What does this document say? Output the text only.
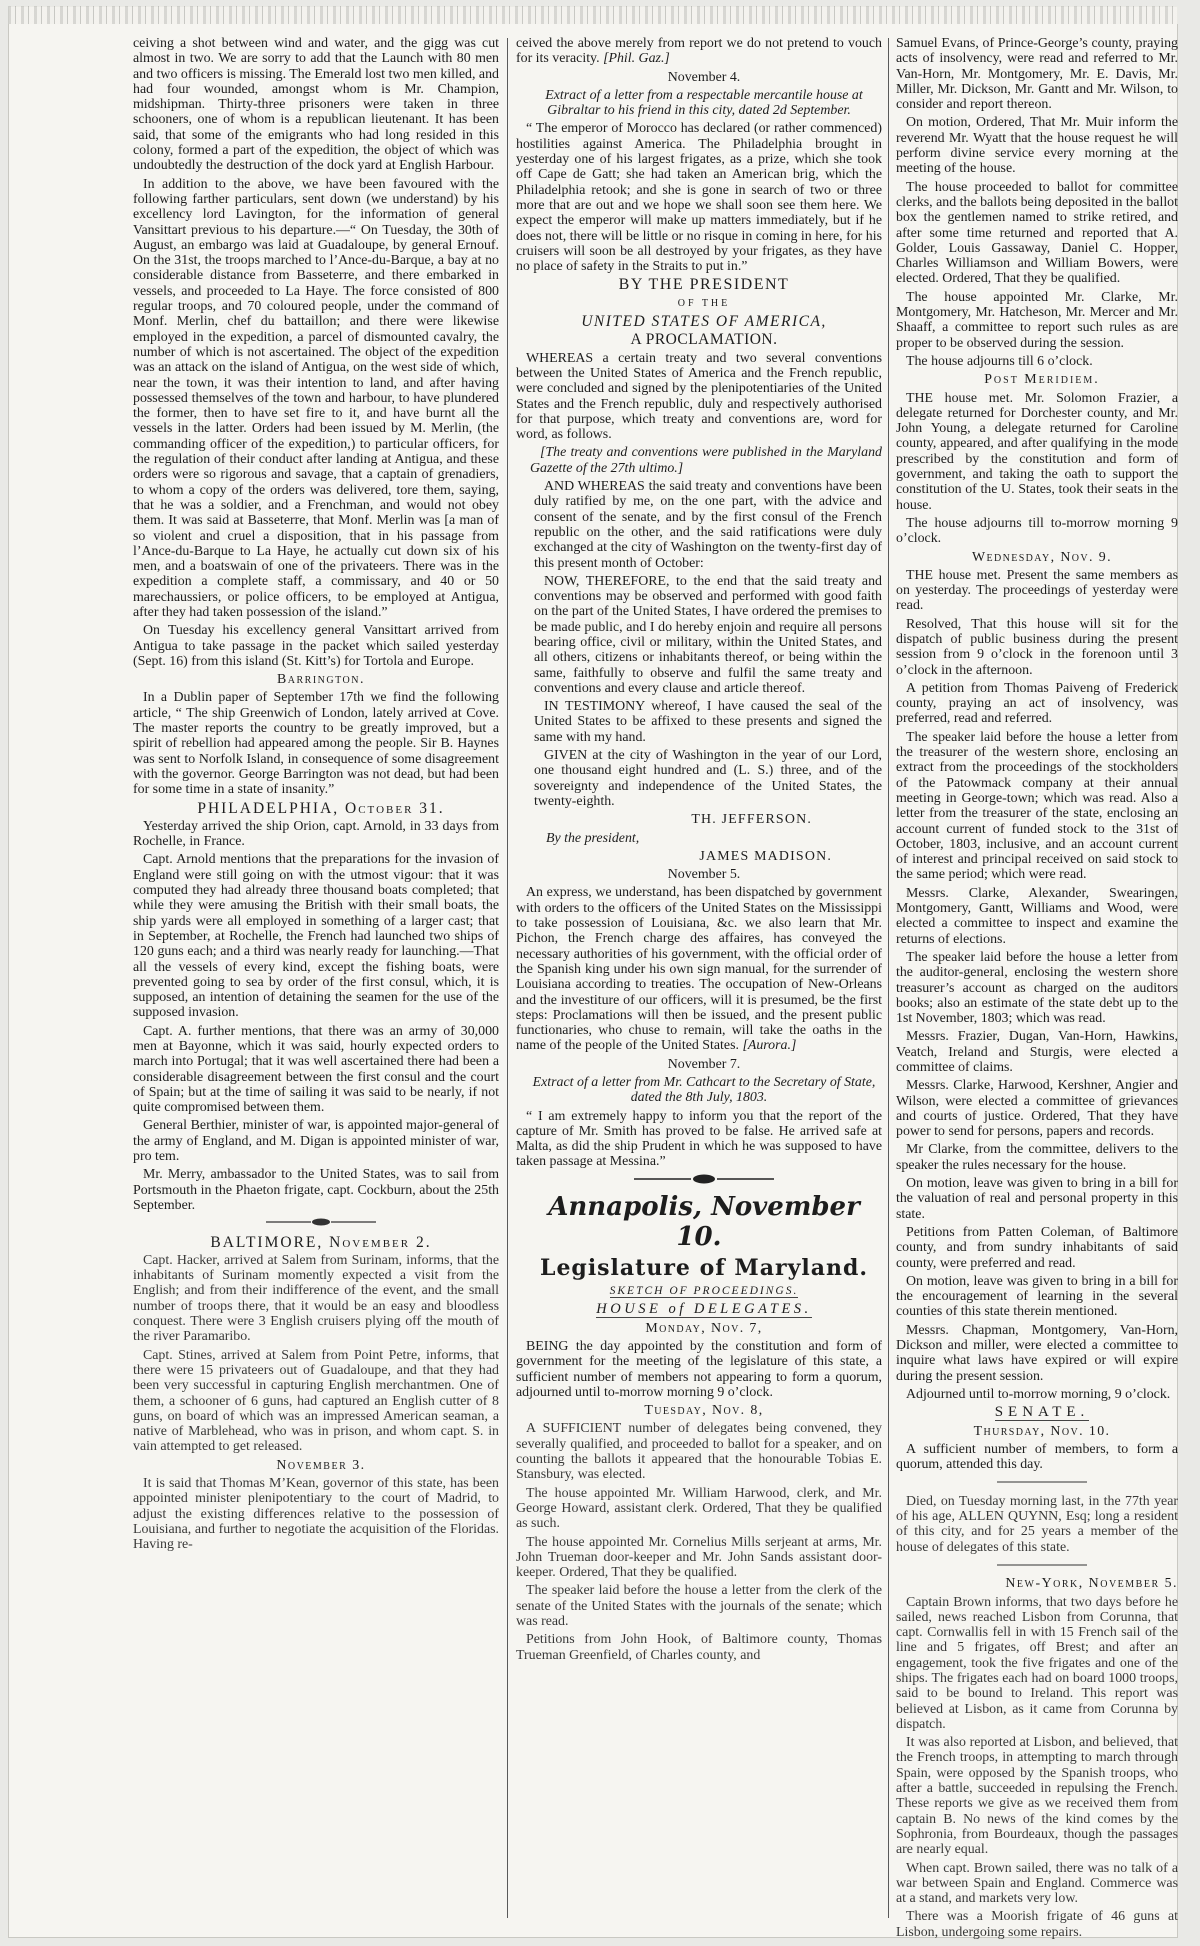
ceiving a shot between wind and water, and the gigg was cut almost in two. We are sorry to add that the Launch with 80 men and two officers is missing. The Emerald lost two men killed, and had four wounded, amongst whom is Mr. Champion, midshipman. Thirty-three prisoners were taken in three schooners, one of whom is a republican lieutenant. It has been said, that some of the emigrants who had long resided in this colony, formed a part of the expedition, the object of which was undoubtedly the destruction of the dock yard at English Harbour.

In addition to the above, we have been favoured with the following farther particulars, sent down (we understand) by his excellency lord Lavington, for the information of general Vansittart previous to his departure.—“ On Tuesday, the 30th of August, an embargo was laid at Guadaloupe, by general Ernouf. On the 31st, the troops marched to l’Ance-du-Barque, a bay at no considerable distance from Basseterre, and there embarked in vessels, and proceeded to La Haye. The force consisted of 800 regular troops, and 70 coloured people, under the command of Monf. Merlin, chef du battaillon; and there were likewise employed in the expedition, a parcel of dismounted cavalry, the number of which is not ascertained. The object of the expedition was an attack on the island of Antigua, on the west side of which, near the town, it was their intention to land, and after having possessed themselves of the town and harbour, to have plundered the former, then to have set fire to it, and have burnt all the vessels in the latter. Orders had been issued by M. Merlin, (the commanding officer of the expedition,) to particular officers, for the regulation of their conduct after landing at Antigua, and these orders were so rigorous and savage, that a captain of grenadiers, to whom a copy of the orders was delivered, tore them, saying, that he was a soldier, and a Frenchman, and would not obey them. It was said at Basseterre, that Monf. Merlin was [a man of so violent and cruel a disposition, that in his passage from l’Ance-du-Barque to La Haye, he actually cut down six of his men, and a boatswain of one of the privateers. There was in the expedition a complete staff, a commissary, and 40 or 50 marechaussiers, or police officers, to be employed at Antigua, after they had taken possession of the island.”

On Tuesday his excellency general Vansittart arrived from Antigua to take passage in the packet which sailed yesterday (Sept. 16) from this island (St. Kitt’s) for Tortola and Europe.

Barrington.

In a Dublin paper of September 17th we find the following article, “ The ship Greenwich of London, lately arrived at Cove. The master reports the country to be greatly improved, but a spirit of rebellion had appeared among the people. Sir B. Haynes was sent to Norfolk Island, in consequence of some disagreement with the governor. George Barrington was not dead, but had been for some time in a state of insanity.”

PHILADELPHIA, October 31.

Yesterday arrived the ship Orion, capt. Arnold, in 33 days from Rochelle, in France.

Capt. Arnold mentions that the preparations for the invasion of England were still going on with the utmost vigour: that it was computed they had already three thousand boats completed; that while they were amusing the British with their small boats, the ship yards were all employed in something of a larger cast; that in September, at Rochelle, the French had launched two ships of 120 guns each; and a third was nearly ready for launching.—That all the vessels of every kind, except the fishing boats, were prevented going to sea by order of the first consul, which, it is supposed, an intention of detaining the seamen for the use of the supposed invasion.

Capt. A. further mentions, that there was an army of 30,000 men at Bayonne, which it was said, hourly expected orders to march into Portugal; that it was well ascertained there had been a considerable disagreement between the first consul and the court of Spain; but at the time of sailing it was said to be nearly, if not quite compromised between them.

General Berthier, minister of war, is appointed major-general of the army of England, and M. Digan is appointed minister of war, pro tem.

Mr. Merry, ambassador to the United States, was to sail from Portsmouth in the Phaeton frigate, capt. Cockburn, about the 25th September.

BALTIMORE, November 2.

Capt. Hacker, arrived at Salem from Surinam, informs, that the inhabitants of Surinam momently expected a visit from the English; and from their indifference of the event, and the small number of troops there, that it would be an easy and bloodless conquest. There were 3 English cruisers plying off the mouth of the river Paramaribo.

Capt. Stines, arrived at Salem from Point Petre, informs, that there were 15 privateers out of Guadaloupe, and that they had been very successful in capturing English merchantmen. One of them, a schooner of 6 guns, had captured an English cutter of 8 guns, on board of which was an impressed American seaman, a native of Marblehead, who was in prison, and whom capt. S. in vain attempted to get released.

November 3.

It is said that Thomas M’Kean, governor of this state, has been appointed minister plenipotentiary to the court of Madrid, to adjust the existing differences relative to the possession of Louisiana, and further to negotiate the acquisition of the Floridas. Having re-

ceived the above merely from report we do not pretend to vouch for its veracity. [Phil. Gaz.]

November 4.

Extract of a letter from a respectable mercantile house at Gibraltar to his friend in this city, dated 2d September.

“ The emperor of Morocco has declared (or rather commenced) hostilities against America. The Philadelphia brought in yesterday one of his largest frigates, as a prize, which she took off Cape de Gatt; she had taken an American brig, which the Philadelphia retook; and she is gone in search of two or three more that are out and we hope we shall soon see them here. We expect the emperor will make up matters immediately, but if he does not, there will be little or no risque in coming in here, for his cruisers will soon be all destroyed by your frigates, as they have no place of safety in the Straits to put in.”

BY THE PRESIDENT

OF THE

UNITED STATES OF AMERICA,

A PROCLAMATION.

WHEREAS a certain treaty and two several conventions between the United States of America and the French republic, were concluded and signed by the plenipotentiaries of the United States and the French republic, duly and respectively authorised for that purpose, which treaty and conventions are, word for word, as follows.

[The treaty and conventions were published in the Maryland Gazette of the 27th ultimo.]

AND WHEREAS the said treaty and conventions have been duly ratified by me, on the one part, with the advice and consent of the senate, and by the first consul of the French republic on the other, and the said ratifications were duly exchanged at the city of Washington on the twenty-first day of this present month of October:

NOW, THEREFORE, to the end that the said treaty and conventions may be observed and performed with good faith on the part of the United States, I have ordered the premises to be made public, and I do hereby enjoin and require all persons bearing office, civil or military, within the United States, and all others, citizens or inhabitants thereof, or being within the same, faithfully to observe and fulfil the same treaty and conventions and every clause and article thereof.

IN TESTIMONY whereof, I have caused the seal of the United States to be affixed to these presents and signed the same with my hand.

GIVEN at the city of Washington in the year of our Lord, one thousand eight hundred and (L. S.) three, and of the sovereignty and independence of the United States, the twenty-eighth.

TH. JEFFERSON.

By the president,

JAMES MADISON.

November 5.

An express, we understand, has been dispatched by government with orders to the officers of the United States on the Mississippi to take possession of Louisiana, &c. we also learn that Mr. Pichon, the French charge des affaires, has conveyed the necessary authorities of his government, with the official order of the Spanish king under his own sign manual, for the surrender of Louisiana according to treaties. The occupation of New-Orleans and the investiture of our officers, will it is presumed, be the first steps: Proclamations will then be issued, and the present public functionaries, who chuse to remain, will take the oaths in the name of the people of the United States. [Aurora.]

November 7.

Extract of a letter from Mr. Cathcart to the Secretary of State, dated the 8th July, 1803.

“ I am extremely happy to inform you that the report of the capture of Mr. Smith has proved to be false. He arrived safe at Malta, as did the ship Prudent in which he was supposed to have taken passage at Messina.”

Annapolis, November 10.

Legislature of Maryland.

SKETCH OF PROCEEDINGS.

HOUSE of DELEGATES.

Monday, Nov. 7,

BEING the day appointed by the constitution and form of government for the meeting of the legislature of this state, a sufficient number of members not appearing to form a quorum, adjourned until to-morrow morning 9 o’clock.

Tuesday, Nov. 8,

A SUFFICIENT number of delegates being convened, they severally qualified, and proceeded to ballot for a speaker, and on counting the ballots it appeared that the honourable Tobias E. Stansbury, was elected.

The house appointed Mr. William Harwood, clerk, and Mr. George Howard, assistant clerk. Ordered, That they be qualified as such.

The house appointed Mr. Cornelius Mills serjeant at arms, Mr. John Trueman door-keeper and Mr. John Sands assistant door-keeper. Ordered, That they be qualified.

The speaker laid before the house a letter from the clerk of the senate of the United States with the journals of the senate; which was read.

Petitions from John Hook, of Baltimore county, Thomas Trueman Greenfield, of Charles county, and

Samuel Evans, of Prince-George’s county, praying acts of insolvency, were read and referred to Mr. Van-Horn, Mr. Montgomery, Mr. E. Davis, Mr. Miller, Mr. Dickson, Mr. Gantt and Mr. Wilson, to consider and report thereon.

On motion, Ordered, That Mr. Muir inform the reverend Mr. Wyatt that the house request he will perform divine service every morning at the meeting of the house.

The house proceeded to ballot for committee clerks, and the ballots being deposited in the ballot box the gentlemen named to strike retired, and after some time returned and reported that A. Golder, Louis Gassaway, Daniel C. Hopper, Charles Williamson and William Bowers, were elected. Ordered, That they be qualified.

The house appointed Mr. Clarke, Mr. Montgomery, Mr. Hatcheson, Mr. Mercer and Mr. Shaaff, a committee to report such rules as are proper to be observed during the session.

The house adjourns till 6 o’clock.

Post Meridiem.

THE house met. Mr. Solomon Frazier, a delegate returned for Dorchester county, and Mr. John Young, a delegate returned for Caroline county, appeared, and after qualifying in the mode prescribed by the constitution and form of government, and taking the oath to support the constitution of the U. States, took their seats in the house.

The house adjourns till to-morrow morning 9 o’clock.

Wednesday, Nov. 9.

THE house met. Present the same members as on yesterday. The proceedings of yesterday were read.

Resolved, That this house will sit for the dispatch of public business during the present session from 9 o’clock in the forenoon until 3 o’clock in the afternoon.

A petition from Thomas Paiveng of Frederick county, praying an act of insolvency, was preferred, read and referred.

The speaker laid before the house a letter from the treasurer of the western shore, enclosing an extract from the proceedings of the stockholders of the Patowmack company at their annual meeting in George-town; which was read. Also a letter from the treasurer of the state, enclosing an account current of funded stock to the 31st of October, 1803, inclusive, and an account current of interest and principal received on said stock to the same period; which were read.

Messrs. Clarke, Alexander, Swearingen, Montgomery, Gantt, Williams and Wood, were elected a committee to inspect and examine the returns of elections.

The speaker laid before the house a letter from the auditor-general, enclosing the western shore treasurer’s account as charged on the auditors books; also an estimate of the state debt up to the 1st November, 1803; which was read.

Messrs. Frazier, Dugan, Van-Horn, Hawkins, Veatch, Ireland and Sturgis, were elected a committee of claims.

Messrs. Clarke, Harwood, Kershner, Angier and Wilson, were elected a committee of grievances and courts of justice. Ordered, That they have power to send for persons, papers and records.

Mr Clarke, from the committee, delivers to the speaker the rules necessary for the house.

On motion, leave was given to bring in a bill for the valuation of real and personal property in this state.

Petitions from Patten Coleman, of Baltimore county, and from sundry inhabitants of said county, were preferred and read.

On motion, leave was given to bring in a bill for the encouragement of learning in the several counties of this state therein mentioned.

Messrs. Chapman, Montgomery, Van-Horn, Dickson and miller, were elected a committee to inquire what laws have expired or will expire during the present session.

Adjourned until to-morrow morning, 9 o’clock.

SENATE.

Thursday, Nov. 10.

A sufficient number of members, to form a quorum, attended this day.

Died, on Tuesday morning last, in the 77th year of his age, ALLEN QUYNN, Esq; long a resident of this city, and for 25 years a member of the house of delegates of this state.

New-York, November 5.

Captain Brown informs, that two days before he sailed, news reached Lisbon from Corunna, that capt. Cornwallis fell in with 15 French sail of the line and 5 frigates, off Brest; and after an engagement, took the five frigates and one of the ships. The frigates each had on board 1000 troops, said to be bound to Ireland. This report was believed at Lisbon, as it came from Corunna by dispatch.

It was also reported at Lisbon, and believed, that the French troops, in attempting to march through Spain, were opposed by the Spanish troops, who after a battle, succeeded in repulsing the French. These reports we give as we received them from captain B. No news of the kind comes by the Sophronia, from Bourdeaux, though the passages are nearly equal.

When capt. Brown sailed, there was no talk of a war between Spain and England. Commerce was at a stand, and markets very low.

There was a Moorish frigate of 46 guns at Lisbon, undergoing some repairs.
